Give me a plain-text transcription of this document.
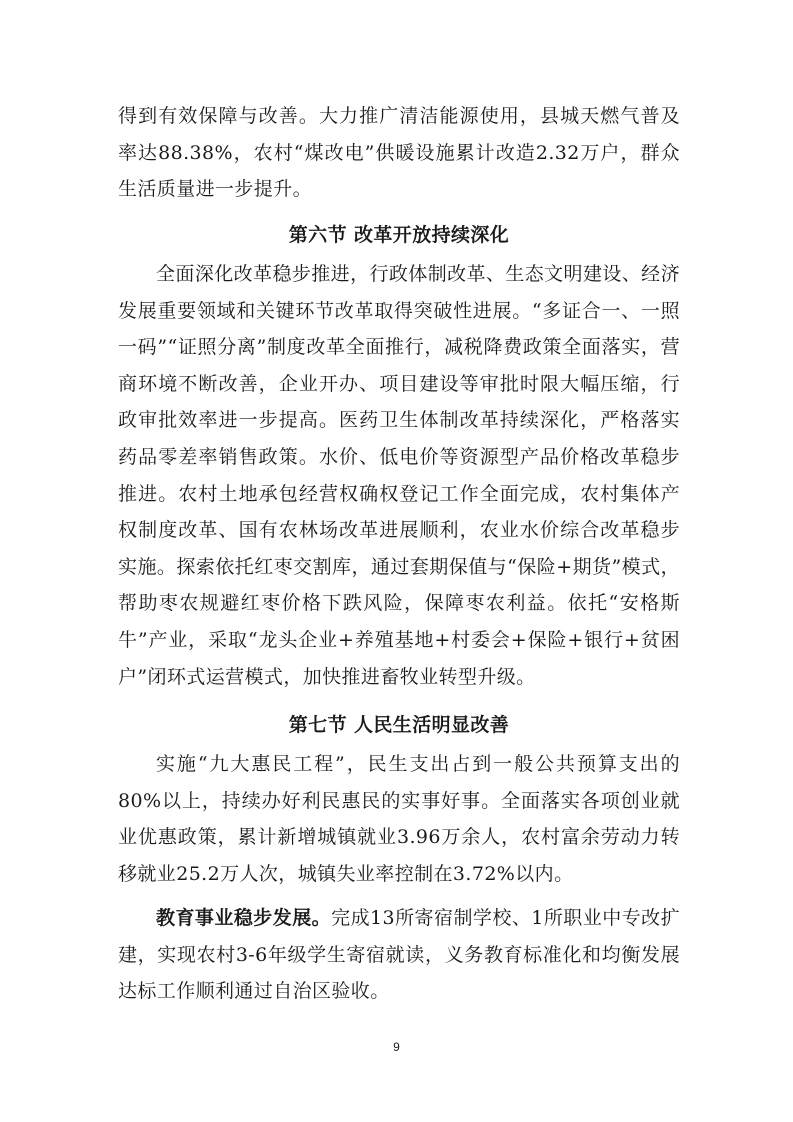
得到有效保障与改善。大力推广清洁能源使用，县城天燃气普及率达88.38%，农村“煤改电”供暖设施累计改造2.32万户，群众生活质量进一步提升。

第六节 改革开放持续深化

全面深化改革稳步推进，行政体制改革、生态文明建设、经济发展重要领域和关键环节改革取得突破性进展。“多证合一、一照一码”“证照分离”制度改革全面推行，减税降费政策全面落实，营商环境不断改善，企业开办、项目建设等审批时限大幅压缩，行政审批效率进一步提高。医药卫生体制改革持续深化，严格落实药品零差率销售政策。水价、低电价等资源型产品价格改革稳步推进。农村土地承包经营权确权登记工作全面完成，农村集体产权制度改革、国有农林场改革进展顺利，农业水价综合改革稳步实施。探索依托红枣交割库，通过套期保值与“保险+期货”模式，帮助枣农规避红枣价格下跌风险，保障枣农利益。依托“安格斯牛”产业，采取“龙头企业+养殖基地+村委会+保险+银行+贫困户”闭环式运营模式，加快推进畜牧业转型升级。

第七节 人民生活明显改善

实施“九大惠民工程”，民生支出占到一般公共预算支出的 80%以上，持续办好利民惠民的实事好事。全面落实各项创业就业优惠政策，累计新增城镇就业3.96万余人，农村富余劳动力转移就业25.2万人次，城镇失业率控制在3.72%以内。

教育事业稳步发展。完成13所寄宿制学校、1所职业中专改扩建，实现农村3-6年级学生寄宿就读，义务教育标准化和均衡发展达标工作顺利通过自治区验收。

9
